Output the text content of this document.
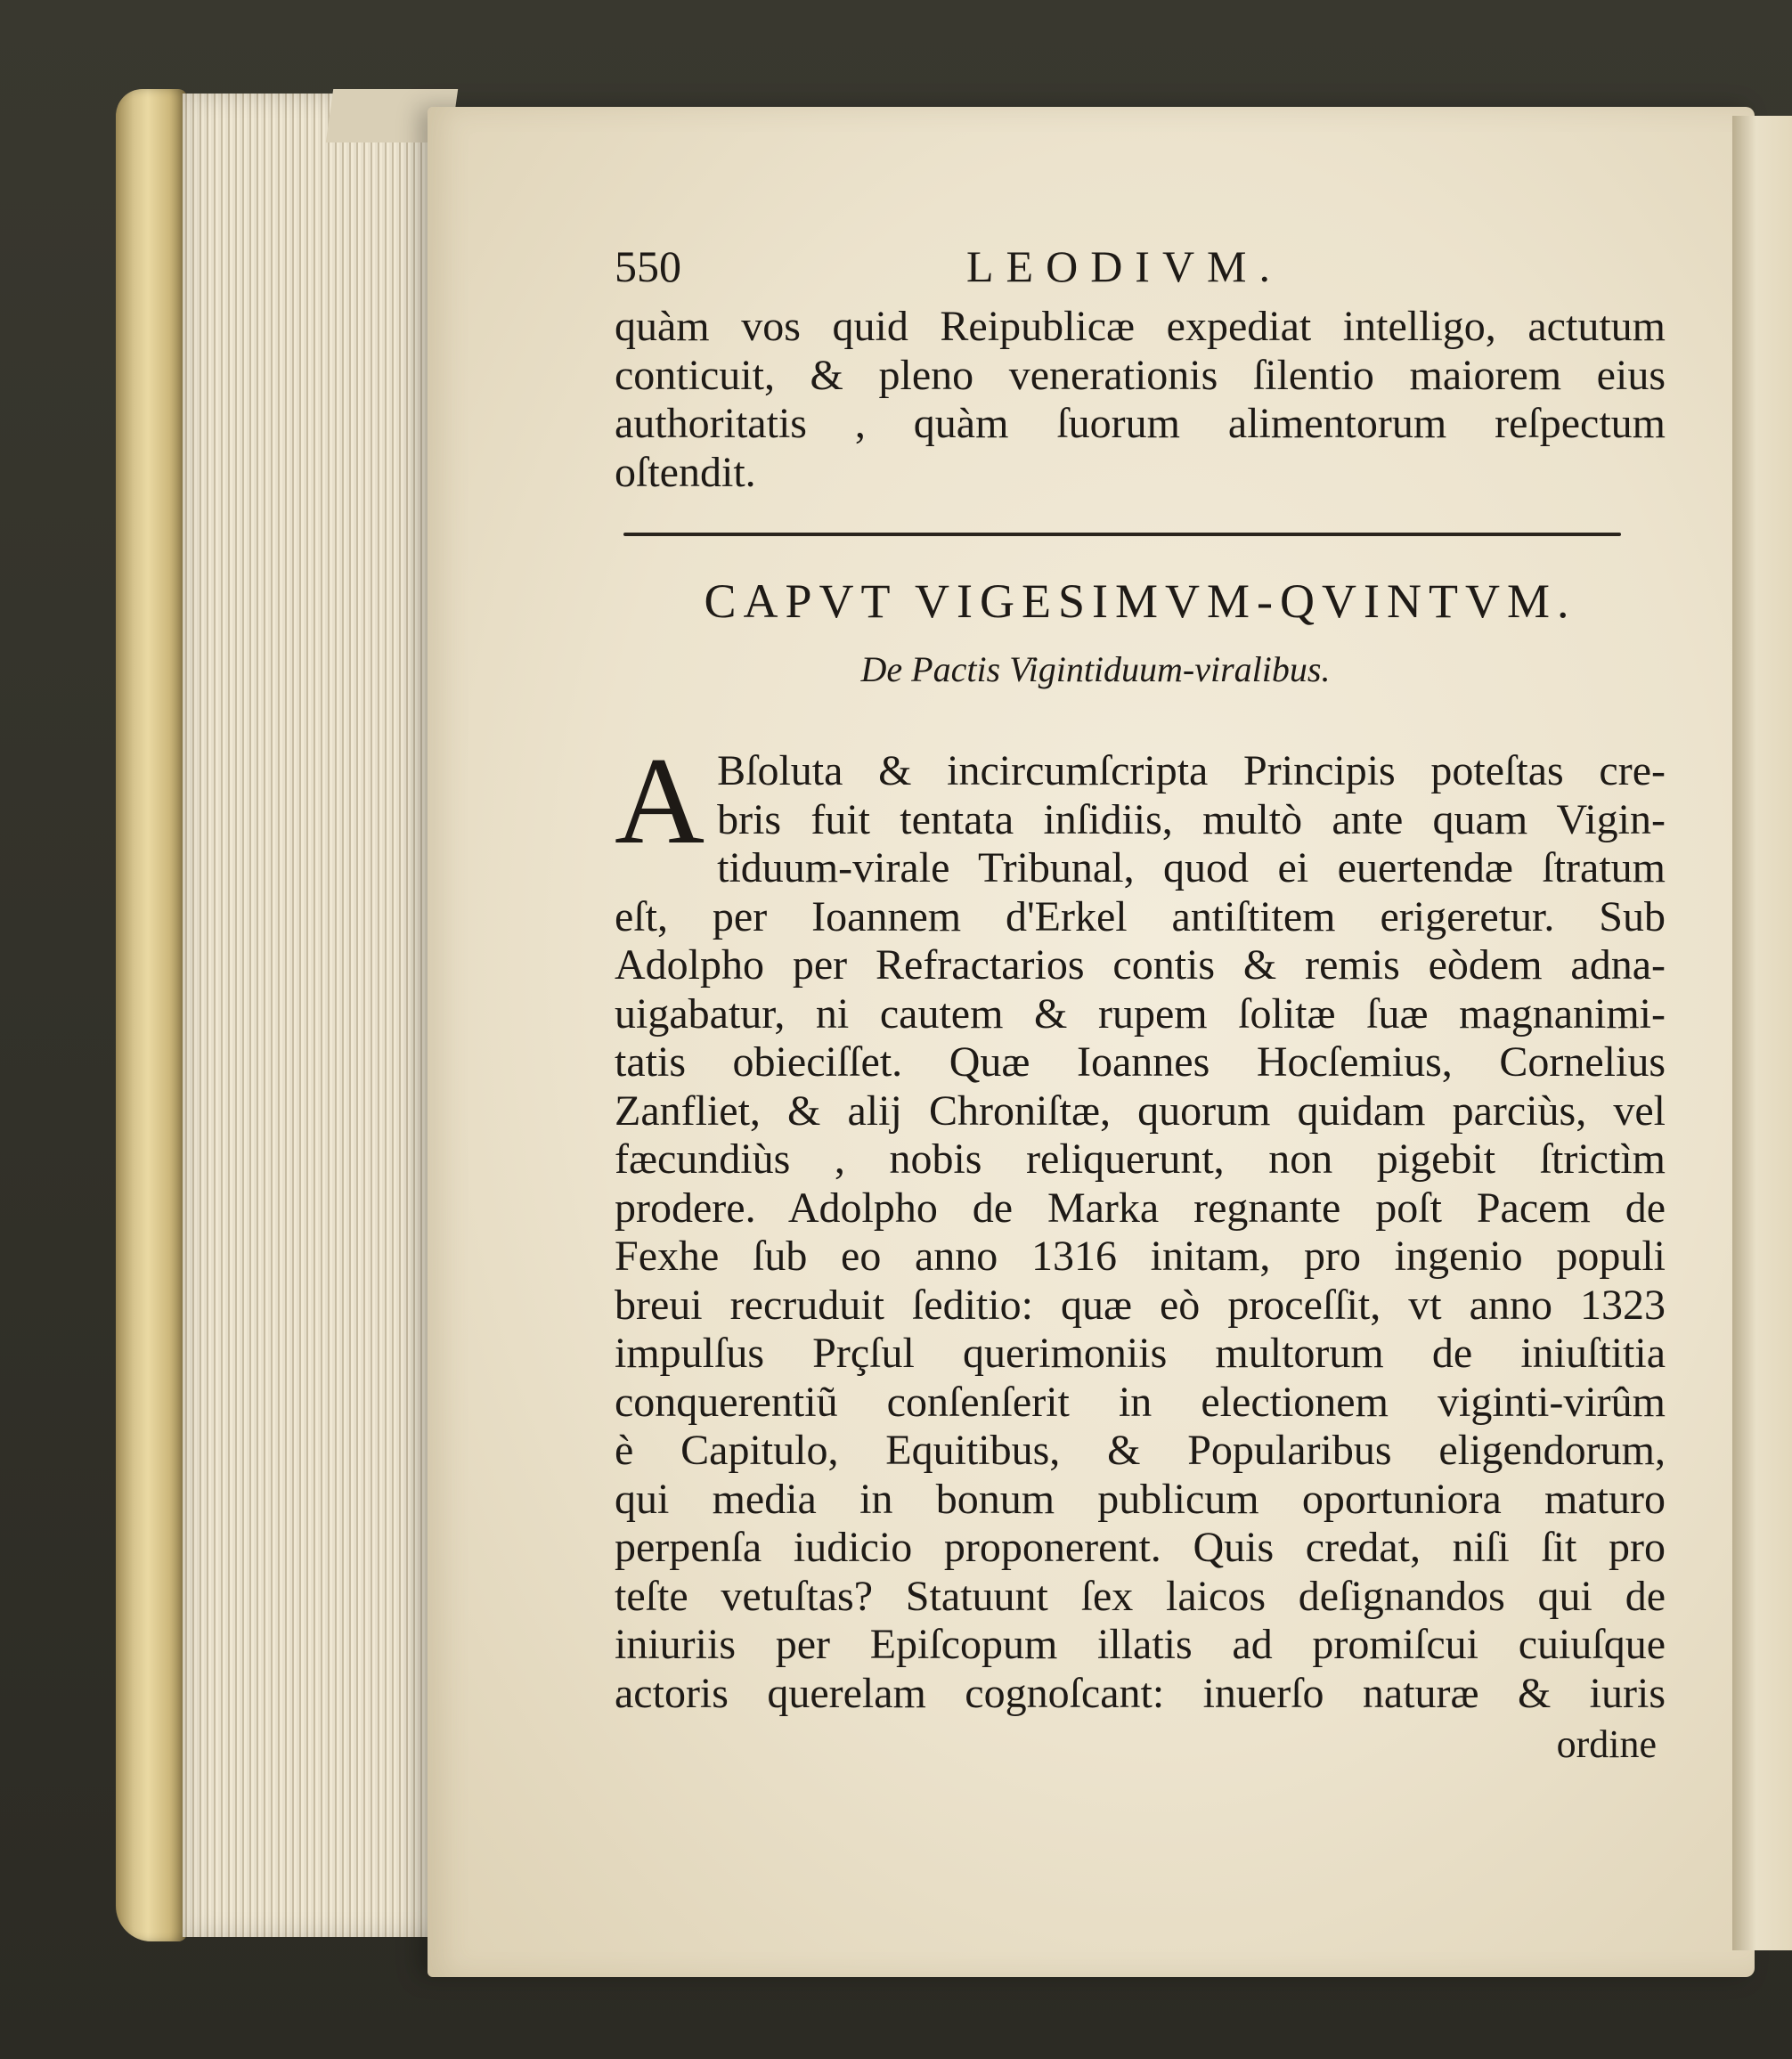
550	LEODIVM.
quàm vos quid Reipublicæ expediat intelligo, actutum
conticuit, & pleno venerationis ſilentio maiorem eius
authoritatis , quàm ſuorum alimentorum reſpectum
oſtendit.
CAPVT VIGESIMVM-QVINTVM.
De Pactis Vigintiduum-viralibus.
A Bſoluta & incircumſcripta Principis poteſtas cre-
bris fuit tentata inſidiis, multò ante quam Vigin-
tiduum-virale Tribunal, quod ei euertendæ ſtratum
eſt, per Ioannem d'Erkel antiſtitem erigeretur. Sub
Adolpho per Refractarios contis & remis eòdem adna-
uigabatur, ni cautem & rupem ſolitæ ſuæ magnanimi-
tatis obieciſſet. Quæ Ioannes Hocſemius, Cornelius
Zanfliet, & alij Chroniſtæ, quorum quidam parciùs, vel
fæcundiùs , nobis reliquerunt, non pigebit ſtrictìm
prodere. Adolpho de Marka regnante poſt Pacem de
Fexhe ſub eo anno 1316 initam, pro ingenio populi
breui recruduit ſeditio: quæ eò proceſſit, vt anno 1323
impulſus Prçſul querimoniis multorum de iniuſtitia
conquerentiũ conſenſerit in electionem viginti-virûm
è Capitulo, Equitibus, & Popularibus eligendorum,
qui media in bonum publicum oportuniora maturo
perpenſa iudicio proponerent. Quis credat, niſi ſit pro
teſte vetuſtas? Statuunt ſex laicos deſignandos qui de
iniuriis per Epiſcopum illatis ad promiſcui cuiuſque
actoris querelam cognoſcant: inuerſo naturæ & iuris
ordine
